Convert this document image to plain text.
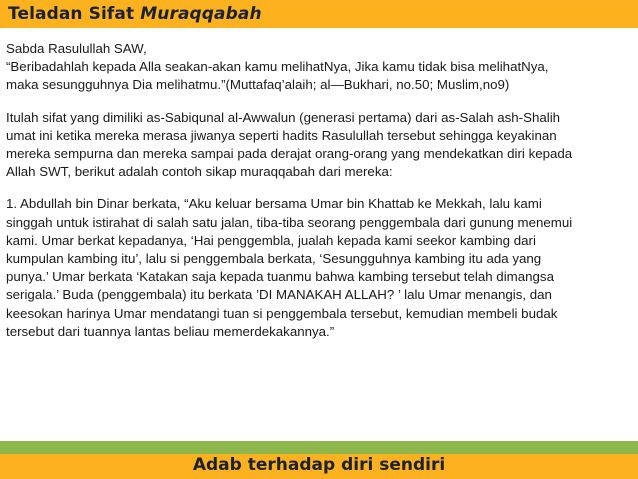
Teladan Sifat Muraqqabah

Sabda Rasulullah SAW,
“Beribadahlah kepada Alla seakan-akan kamu melihatNya, Jika kamu tidak bisa melihatNya,
maka sesungguhnya Dia melihatmu.”(Muttafaq’alaih; al—Bukhari, no.50; Muslim,no9)

Itulah sifat yang dimiliki as-Sabiqunal al-Awwalun (generasi pertama) dari as-Salah ash-Shalih
umat ini ketika mereka merasa jiwanya seperti hadits Rasulullah tersebut sehingga keyakinan
mereka sempurna dan mereka sampai pada derajat orang-orang yang mendekatkan diri kepada
Allah SWT, berikut adalah contoh sikap muraqqabah dari mereka:

1. Abdullah bin Dinar berkata, “Aku keluar bersama Umar bin Khattab ke Mekkah, lalu kami
singgah untuk istirahat di salah satu jalan, tiba-tiba seorang penggembala dari gunung menemui
kami. Umar berkat kepadanya, ‘Hai penggembla, jualah kepada kami seekor kambing dari
kumpulan kambing itu’, lalu si penggembala berkata, ‘Sesungguhnya kambing itu ada yang
punya.’ Umar berkata ‘Katakan saja kepada tuanmu bahwa kambing tersebut telah dimangsa
serigala.’ Buda (penggembala) itu berkata ’DI MANAKAH ALLAH? ’ lalu Umar menangis, dan
keesokan harinya Umar mendatangi tuan si penggembala tersebut, kemudian membeli budak
tersebut dari tuannya lantas beliau memerdekakannya.”

Adab terhadap diri sendiri
